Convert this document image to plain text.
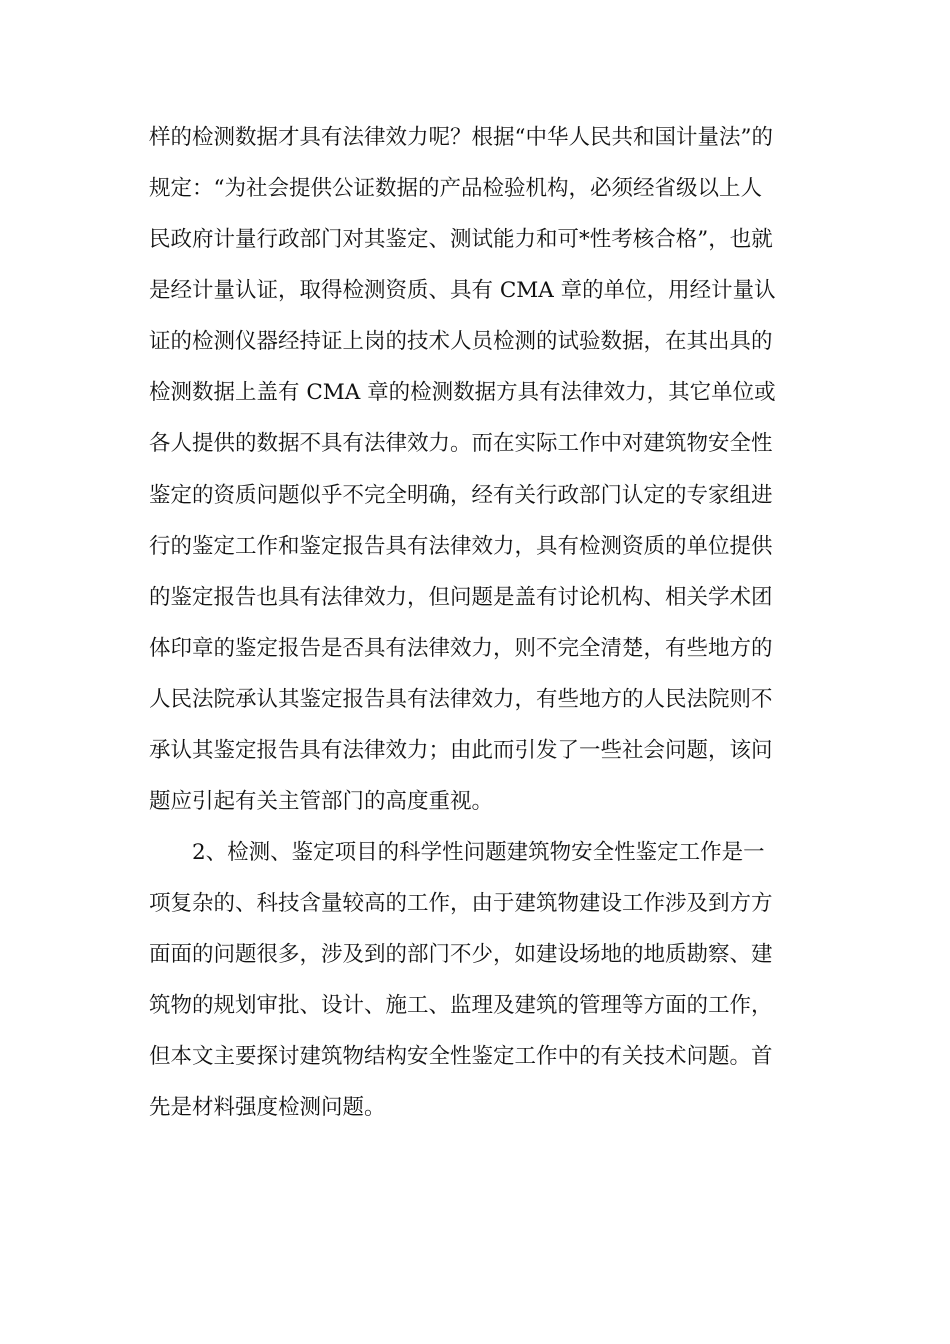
样的检测数据才具有法律效力呢？根据“中华人民共和国计量法”的
规定：“为社会提供公证数据的产品检验机构，必须经省级以上人
民政府计量行政部门对其鉴定、测试能力和可*性考核合格”，也就
是经计量认证，取得检测资质、具有 CMA 章的单位，用经计量认
证的检测仪器经持证上岗的技术人员检测的试验数据，在其出具的
检测数据上盖有 CMA 章的检测数据方具有法律效力，其它单位或
各人提供的数据不具有法律效力。而在实际工作中对建筑物安全性
鉴定的资质问题似乎不完全明确，经有关行政部门认定的专家组进
行的鉴定工作和鉴定报告具有法律效力，具有检测资质的单位提供
的鉴定报告也具有法律效力，但问题是盖有讨论机构、相关学术团
体印章的鉴定报告是否具有法律效力，则不完全清楚，有些地方的
人民法院承认其鉴定报告具有法律效力，有些地方的人民法院则不
承认其鉴定报告具有法律效力；由此而引发了一些社会问题，该问
题应引起有关主管部门的高度重视。
2、检测、鉴定项目的科学性问题建筑物安全性鉴定工作是一
项复杂的、科技含量较高的工作，由于建筑物建设工作涉及到方方
面面的问题很多，涉及到的部门不少，如建设场地的地质勘察、建
筑物的规划审批、设计、施工、监理及建筑的管理等方面的工作，
但本文主要探讨建筑物结构安全性鉴定工作中的有关技术问题。首
先是材料强度检测问题。
